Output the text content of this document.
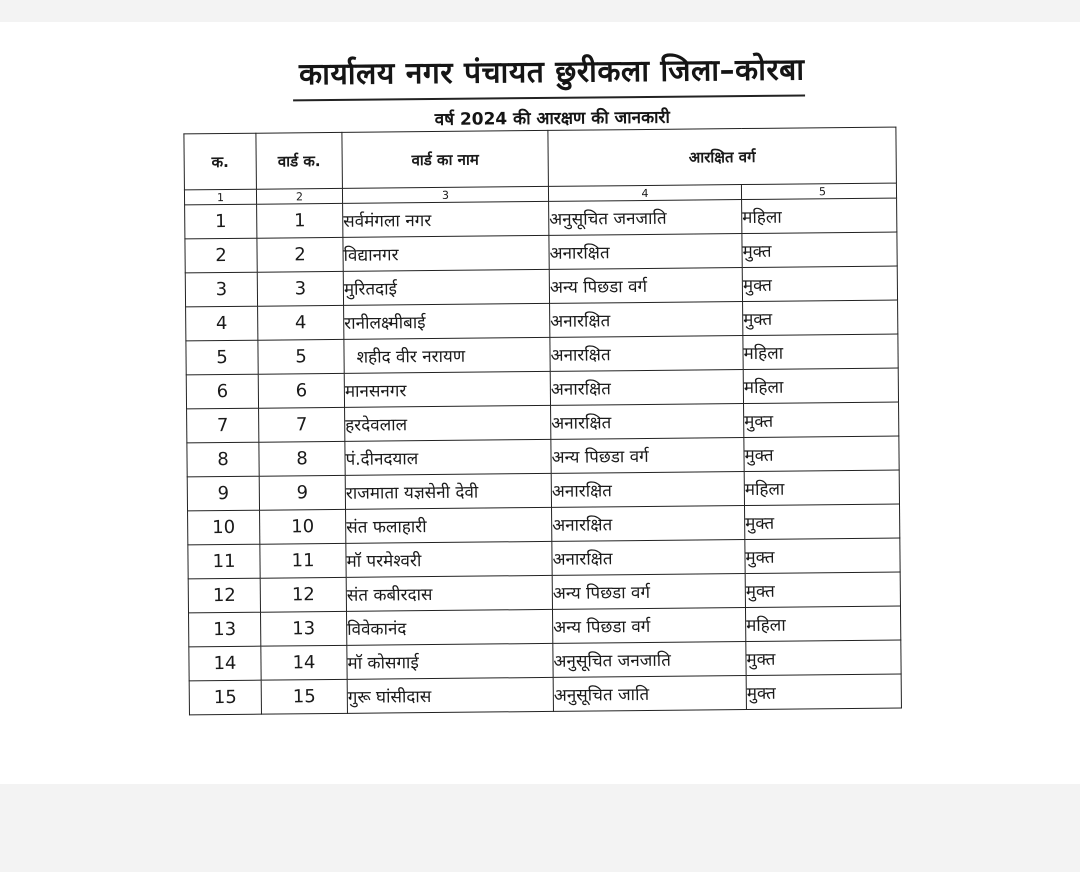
कार्यालय नगर पंचायत छुरीकला जिला–कोरबा
वर्ष 2024 की आरक्षण की जानकारी
क.	वार्ड क.	वार्ड का नाम	आरक्षित वर्ग	
1	2	3	4	5
1	1	सर्वमंगला नगर	अनुसूचित जनजाति	महिला
2	2	विद्यानगर	अनारक्षित	मुक्त
3	3	मुरितदाई	अन्य पिछडा वर्ग	मुक्त
4	4	रानीलक्ष्मीबाई	अनारक्षित	मुक्त
5	5	शहीद वीर नरायण	अनारक्षित	महिला
6	6	मानसनगर	अनारक्षित	महिला
7	7	हरदेवलाल	अनारक्षित	मुक्त
8	8	पं.दीनदयाल	अन्य पिछडा वर्ग	मुक्त
9	9	राजमाता यज्ञसेनी देवी	अनारक्षित	महिला
10	10	संत फलाहारी	अनारक्षित	मुक्त
11	11	मॉ परमेश्वरी	अनारक्षित	मुक्त
12	12	संत कबीरदास	अन्य पिछडा वर्ग	मुक्त
13	13	विवेकानंद	अन्य पिछडा वर्ग	महिला
14	14	मॉ कोसगाई	अनुसूचित जनजाति	मुक्त
15	15	गुरू घांसीदास	अनुसूचित जाति	मुक्त
